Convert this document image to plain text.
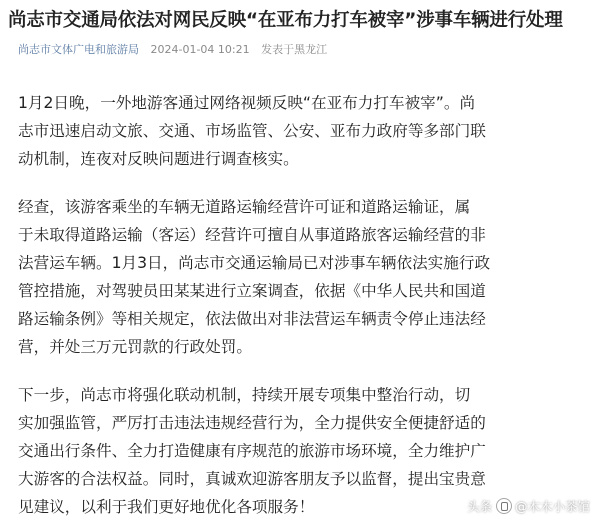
尚志市交通局依法对网民反映“在亚布力打车被宰”涉事车辆进行处理
尚志市文体广电和旅游局 2024-01-04 10:21 发表于黑龙江
1月2日晚，一外地游客通过网络视频反映“在亚布力打车被宰”。尚
志市迅速启动文旅、交通、市场监管、公安、亚布力政府等多部门联
动机制，连夜对反映问题进行调查核实。
经查，该游客乘坐的车辆无道路运输经营许可证和道路运输证，属
于未取得道路运输（客运）经营许可擅自从事道路旅客运输经营的非
法营运车辆。1月3日，尚志市交通运输局已对涉事车辆依法实施行政
管控措施，对驾驶员田某某进行立案调查，依据《中华人民共和国道
路运输条例》等相关规定，依法做出对非法营运车辆责令停止违法经
营，并处三万元罚款的行政处罚。
下一步，尚志市将强化联动机制，持续开展专项集中整治行动，切
实加强监管，严厉打击违法违规经营行为，全力提供安全便捷舒适的
交通出行条件、全力打造健康有序规范的旅游市场环境，全力维护广
大游客的合法权益。同时，真诚欢迎游客朋友予以监督，提出宝贵意
见建议，以利于我们更好地优化各项服务！	头条 @木木小茶馆
